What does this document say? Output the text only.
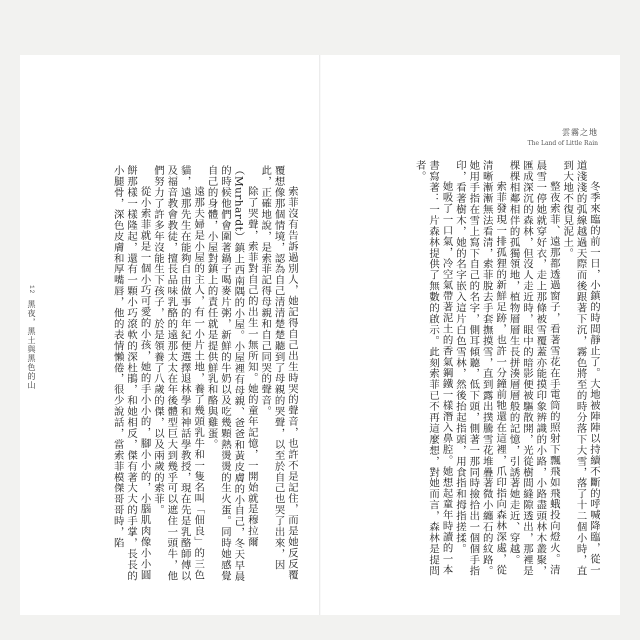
索菲沒有告訴過別人，她記得自己出生時哭的聲音，也許不是記住，而是她反反覆覆想像那個情境，認為自己清清楚楚聽到了母親的哭聲，以至於自己也哭了出來，因此，正確地說，是索菲記得母親和自己同哭的聲音。

除了哭聲，索菲對自己的出生一無所知。她的童年記憶，一開始就是穆拉爾（Murhardt）鎮上西南隅的小屋。小屋裡有母親、爸爸和黃皮膚的小自己，冬天早晨的時候他們會圍著鍋子喝麥片粥，新鮮的牛奶以及吃幾顆熱燙燙的生火蛋。同時她感覺自己的身體，小屋對鎮上的責任就是提供鮮乳和酪與雞蛋。

遠那夫婦是小屋的主人，有一小片土地，養了幾頭乳牛和一隻名叫「佃良」的三色貓，遠那先生在能夠自由做事的年紀便選擇退林學和神話學教授，現在先是乳酪師傅以及福音教會教徒，擅長品味乳酪的遠那太太在年後體型巨大到幾乎可以遮住一頭牛，他們努力了許多年沒能生下孩子，於是領養了八歲的傑，以及兩歲的索菲。

從小索菲就是一個小巧可愛的小孩，她的手小小的，腳小小的，小腦肌肉像小小圓餅那樣一樣隆起，還有一顆小巧滾軟的深杜鵑，和她相反，傑有著大大的手掌，長長的小腿骨，深色皮膚和厚嘴唇，他的表情懶倦，很少說話，當索菲模傑哥哥時，陷

12
黑夜，黑土與黑色的山
雲霧之地
The Land of Little Rain

冬季來臨的前一日，小鎮的時間靜止了。大地被陣陣以持續不斷的呼喊降臨，從一道淺淺的弧線越過天際而後跟著下沉，霧色將至的時分落下大雪，落了十二個小時，直到大地不復見泥土。

整夜索菲、遠那都透過窗子，看著雪花在手電筒的照射下飄飛如飛蛾投向燈火。清晨雪一停她就穿好衣，走上那條被雪覆蓋亦能摸印象辨識的小路，小路盡頭林木叢聚，匯成深沉的森林，但沒人走近時，眼中的暗影便被驅散開，光從樹間縫隙透出，那裡是棵棵相鄰相伴的孤獨領地，植物層層生長拼湊層層般的記憶，引誘著她走近、穿越。

索菲發現一排孤狸的新鮮足跡，也許一分鐘前牠還在這裡，爪印指向森林深處，從清晰漸漸無法看清，索菲脫去手套撫摸雪，直到露出撲騰雪花堆疊著微小纏石的紋路。她用手指在雪上寫下自己的名字，側耳傾聽，低下頭，側著一那同時撿拾出一個個手指印，看著樹木，她的名字嵌入這片白色雪林，然後抬起指頭，用食指和拇指搓揉。

她吸了一口氣，冷空氣帶著泥土的香氣鋼鐵一樣潛入鼻腔。她想起童年時讀的一本書寫著：一片森林提供了無數的啟示。此刻索菲已不再這麼想，對她而言，森林是提問者。
